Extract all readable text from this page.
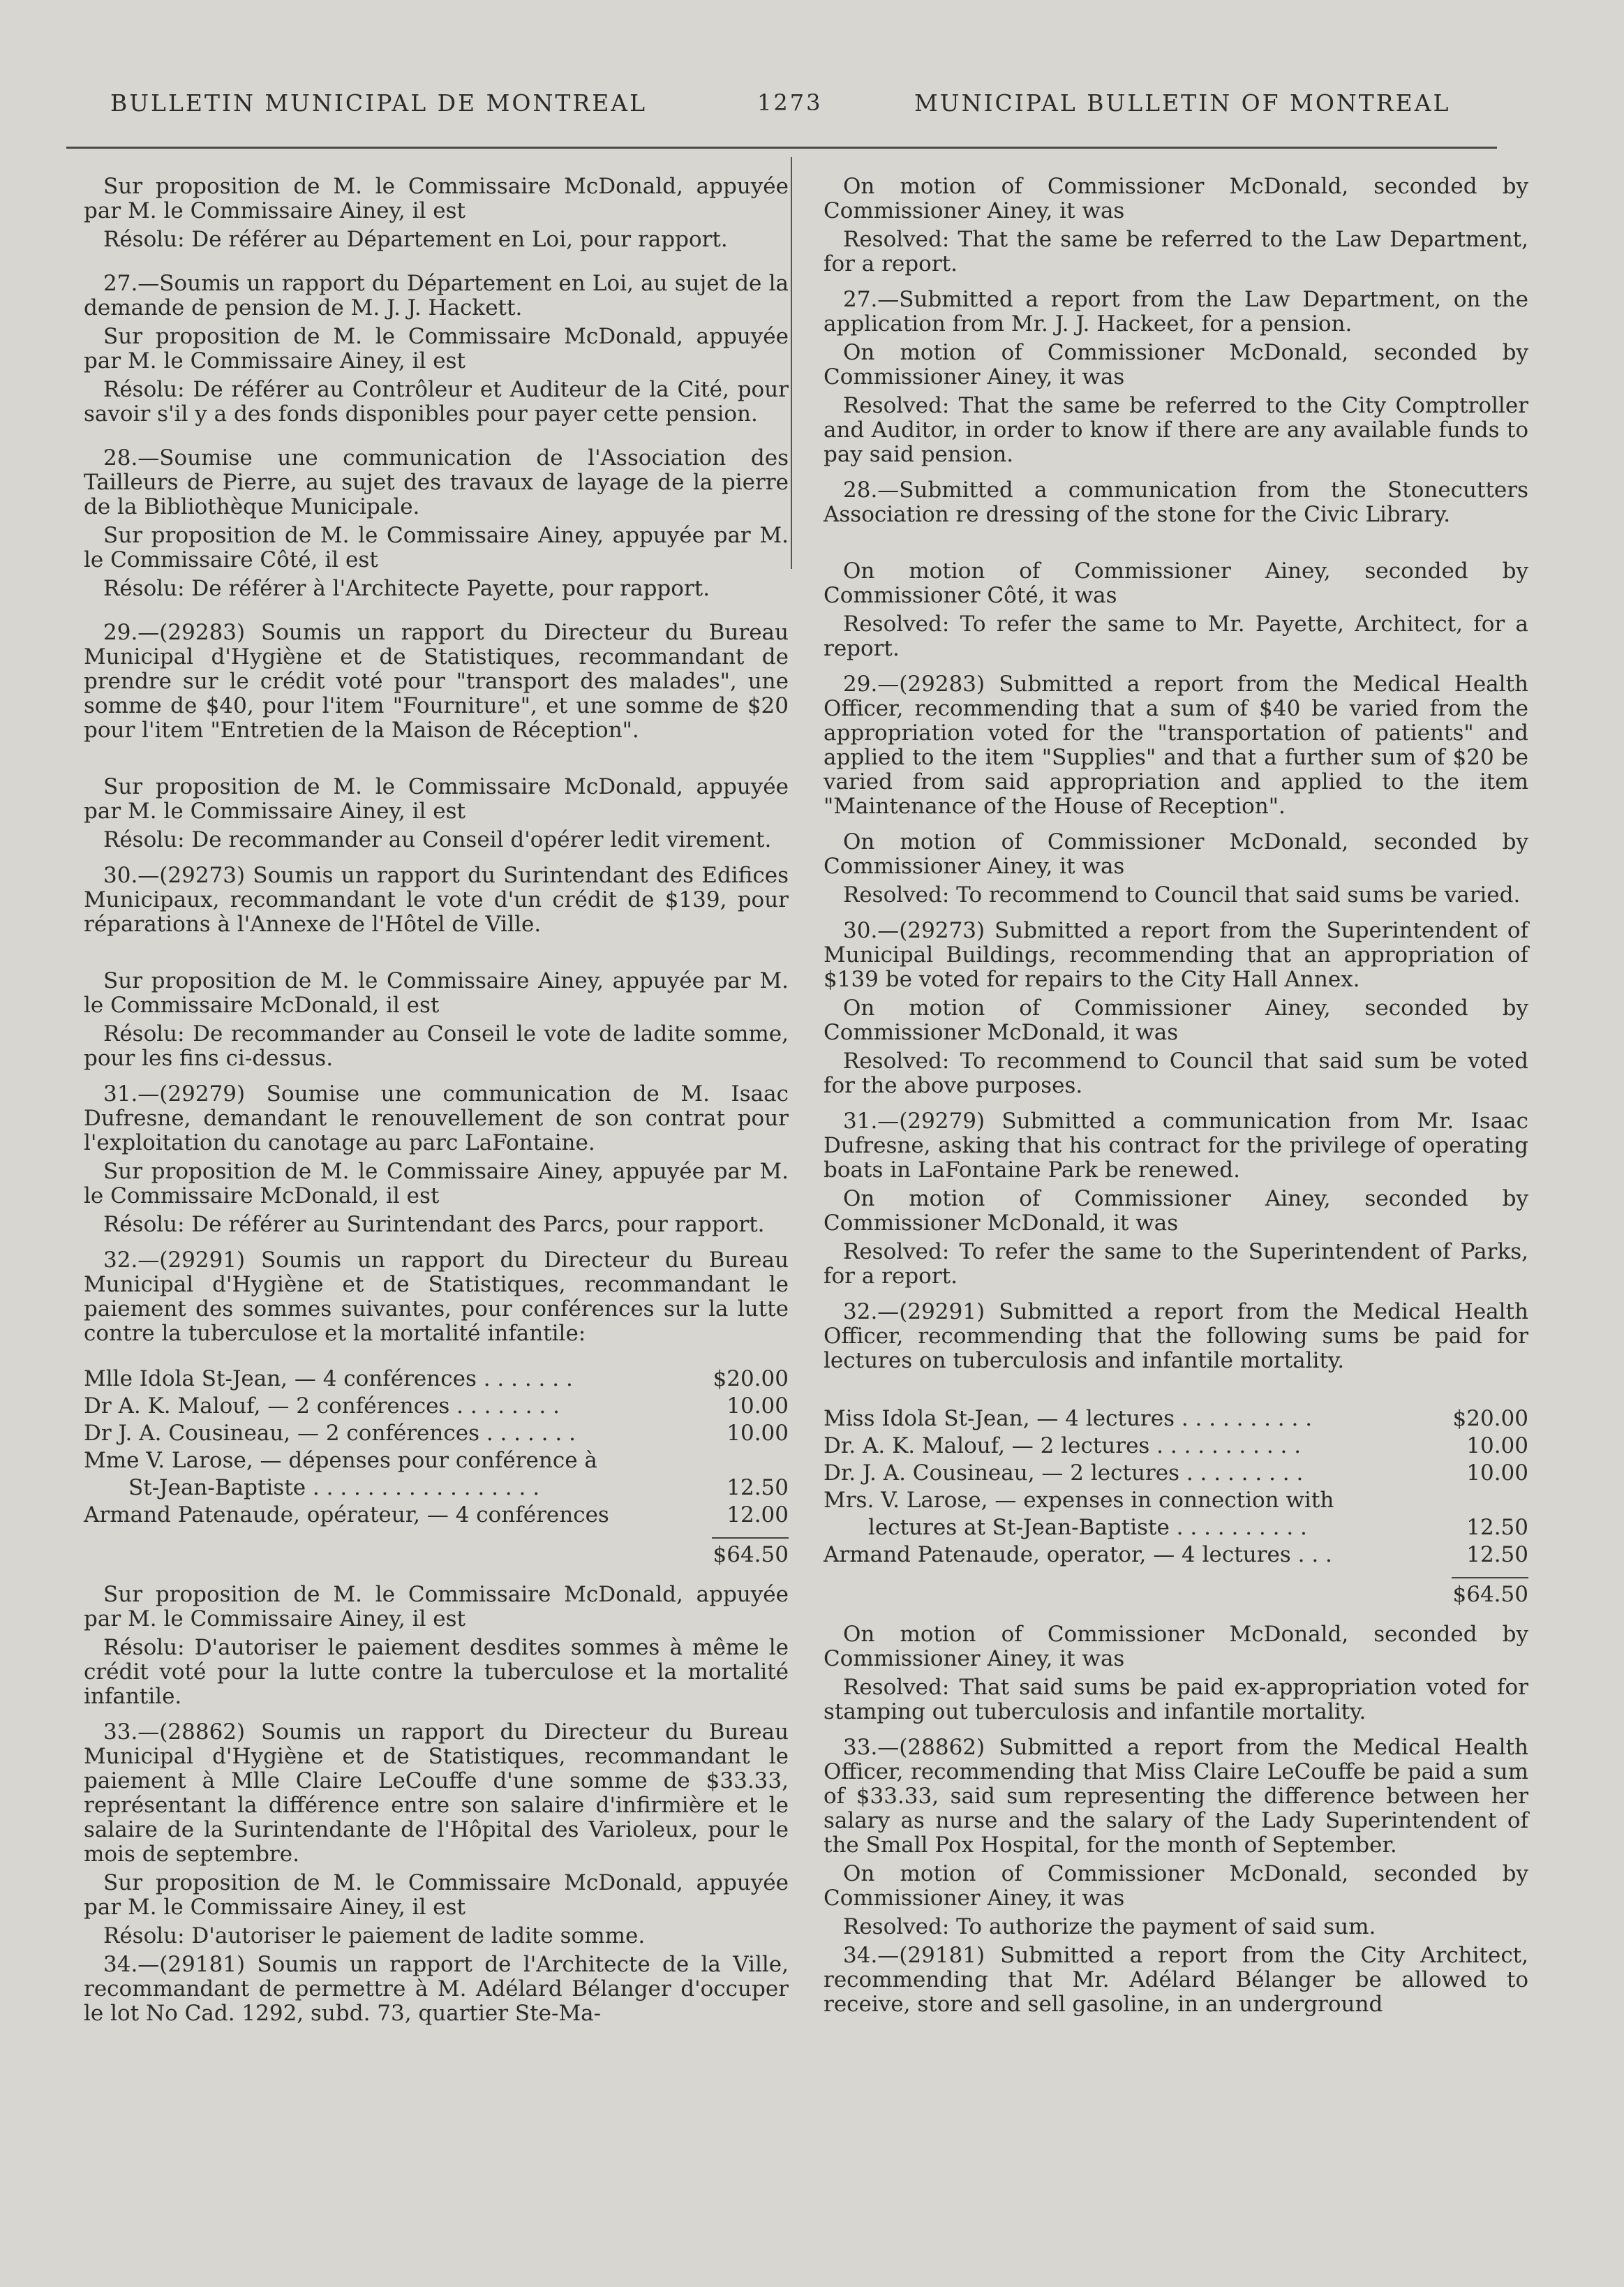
BULLETIN MUNICIPAL DE MONTREAL	1273	MUNICIPAL BULLETIN OF MONTREAL

Sur proposition de M. le Commissaire McDonald, appuyée par M. le Commissaire Ainey, il est

Résolu: De référer au Département en Loi, pour rapport.

27.—Soumis un rapport du Département en Loi, au sujet de la demande de pension de M. J. J. Hackett.

Sur proposition de M. le Commissaire McDonald, appuyée par M. le Commissaire Ainey, il est

Résolu: De référer au Contrôleur et Auditeur de la Cité, pour savoir s'il y a des fonds disponibles pour payer cette pension.

28.—Soumise une communication de l'Association des Tailleurs de Pierre, au sujet des travaux de layage de la pierre de la Bibliothèque Municipale.

Sur proposition de M. le Commissaire Ainey, appuyée par M. le Commissaire Côté, il est

Résolu: De référer à l'Architecte Payette, pour rapport.

29.—(29283) Soumis un rapport du Directeur du Bureau Municipal d'Hygiène et de Statistiques, recommandant de prendre sur le crédit voté pour "transport des malades", une somme de $40, pour l'item "Fourniture", et une somme de $20 pour l'item "Entretien de la Maison de Réception".

Sur proposition de M. le Commissaire McDonald, appuyée par M. le Commissaire Ainey, il est

Résolu: De recommander au Conseil d'opérer ledit virement.

30.—(29273) Soumis un rapport du Surintendant des Edifices Municipaux, recommandant le vote d'un crédit de $139, pour réparations à l'Annexe de l'Hôtel de Ville.

Sur proposition de M. le Commissaire Ainey, appuyée par M. le Commissaire McDonald, il est

Résolu: De recommander au Conseil le vote de ladite somme, pour les fins ci-dessus.

31.—(29279) Soumise une communication de M. Isaac Dufresne, demandant le renouvellement de son contrat pour l'exploitation du canotage au parc LaFontaine.

Sur proposition de M. le Commissaire Ainey, appuyée par M. le Commissaire McDonald, il est

Résolu: De référer au Surintendant des Parcs, pour rapport.

32.—(29291) Soumis un rapport du Directeur du Bureau Municipal d'Hygiène et de Statistiques, recommandant le paiement des sommes suivantes, pour conférences sur la lutte contre la tuberculose et la mortalité infantile:

Mlle Idola St-Jean, — 4 conférences . . . . . . .	$20.00
Dr A. K. Malouf, — 2 conférences . . . . . . . .	10.00
Dr J. A. Cousineau, — 2 conférences . . . . . . .	10.00
Mme V. Larose, — dépenses pour conférence à	
St-Jean-Baptiste . . . . . . . . . . . . . . . . .	12.50
Armand Patenaude, opérateur, — 4 conférences	12.00
$64.50

Sur proposition de M. le Commissaire McDonald, appuyée par M. le Commissaire Ainey, il est

Résolu: D'autoriser le paiement desdites sommes à même le crédit voté pour la lutte contre la tuberculose et la mortalité infantile.

33.—(28862) Soumis un rapport du Directeur du Bureau Municipal d'Hygiène et de Statistiques, recommandant le paiement à Mlle Claire LeCouffe d'une somme de $33.33, représentant la différence entre son salaire d'infirmière et le salaire de la Surintendante de l'Hôpital des Varioleux, pour le mois de septembre.

Sur proposition de M. le Commissaire McDonald, appuyée par M. le Commissaire Ainey, il est

Résolu: D'autoriser le paiement de ladite somme.

34.—(29181) Soumis un rapport de l'Architecte de la Ville, recommandant de permettre à M. Adélard Bélanger d'occuper le lot No Cad. 1292, subd. 73, quartier Ste-Ma-

On motion of Commissioner McDonald, seconded by Commissioner Ainey, it was

Resolved: That the same be referred to the Law Department, for a report.

27.—Submitted a report from the Law Department, on the application from Mr. J. J. Hackeet, for a pension.

On motion of Commissioner McDonald, seconded by Commissioner Ainey, it was

Resolved: That the same be referred to the City Comptroller and Auditor, in order to know if there are any available funds to pay said pension.

28.—Submitted a communication from the Stonecutters Association re dressing of the stone for the Civic Library.

On motion of Commissioner Ainey, seconded by Commissioner Côté, it was

Resolved: To refer the same to Mr. Payette, Architect, for a report.

29.—(29283) Submitted a report from the Medical Health Officer, recommending that a sum of $40 be varied from the appropriation voted for the "transportation of patients" and applied to the item "Supplies" and that a further sum of $20 be varied from said appropriation and applied to the item "Maintenance of the House of Reception".

On motion of Commissioner McDonald, seconded by Commissioner Ainey, it was

Resolved: To recommend to Council that said sums be varied.

30.—(29273) Submitted a report from the Superintendent of Municipal Buildings, recommending that an appropriation of $139 be voted for repairs to the City Hall Annex.

On motion of Commissioner Ainey, seconded by Commissioner McDonald, it was

Resolved: To recommend to Council that said sum be voted for the above purposes.

31.—(29279) Submitted a communication from Mr. Isaac Dufresne, asking that his contract for the privilege of operating boats in LaFontaine Park be renewed.

On motion of Commissioner Ainey, seconded by Commissioner McDonald, it was

Resolved: To refer the same to the Superintendent of Parks, for a report.

32.—(29291) Submitted a report from the Medical Health Officer, recommending that the following sums be paid for lectures on tuberculosis and infantile mortality.

Miss Idola St-Jean, — 4 lectures . . . . . . . . . .	$20.00
Dr. A. K. Malouf, — 2 lectures . . . . . . . . . . .	10.00
Dr. J. A. Cousineau, — 2 lectures . . . . . . . . .	10.00
Mrs. V. Larose, — expenses in connection with	
lectures at St-Jean-Baptiste . . . . . . . . . .	12.50
Armand Patenaude, operator, — 4 lectures . . .	12.50
$64.50

On motion of Commissioner McDonald, seconded by Commissioner Ainey, it was

Resolved: That said sums be paid ex-appropriation voted for stamping out tuberculosis and infantile mortality.

33.—(28862) Submitted a report from the Medical Health Officer, recommending that Miss Claire LeCouffe be paid a sum of $33.33, said sum representing the difference between her salary as nurse and the salary of the Lady Superintendent of the Small Pox Hospital, for the month of September.

On motion of Commissioner McDonald, seconded by Commissioner Ainey, it was

Resolved: To authorize the payment of said sum.

34.—(29181) Submitted a report from the City Architect, recommending that Mr. Adélard Bélanger be allowed to receive, store and sell gasoline, in an underground
